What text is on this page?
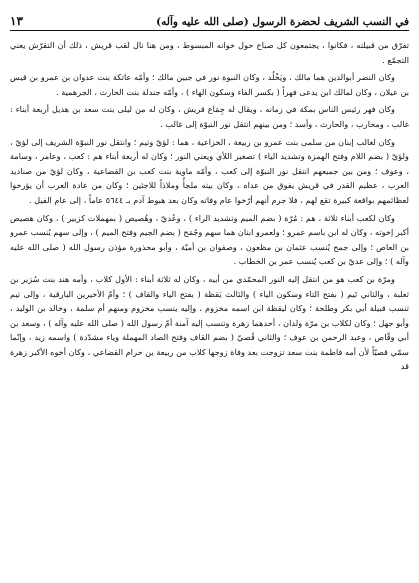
في النسب الشريف لحضرة الرسول (صلى الله عليه وآله)
١٣

تفرّق من قبيلته ، فكانوا ، يجتمعون كل صباح حول خوانه المبسوط ، ومن هنا نال لقب قريش ، ذلك أن التقرّش يعني التجمّع .

وكان النضر أبوالدين هما مالك ، ويَخْلُد ، وكان النبوة نور في جبين مالك ؛ وأمّه عاتكة بنت عدوان بن عمرو بن قيس بن عيلان ، وكان لمالك ابن يدعى فهراً ( بكسر الفاء وسكون الهاء ) ، وأمّه جندلة بنت الحارث ، الجرهمية .

وكان فهر رئيس الناس بمكة في زمانه ، ويقال له جِمَاع قريش ، وكان له من ليلى بنت سعد بن هذيل أربعة أبناء : غالب ، ومحارب ، والحارث ، وأسد ؛ ومن بينهم انتقل نور النبوّة إلى غالب .

وكان لغالب إبنان من سلمى بنت عمرو بن ربيعة ، الخزاعية ، هما : لؤيّ وتيم ؛ وانتقل نور النبوّة الشريف إلى لؤيّ ، ولؤيّ ( بضم اللام وفتح الهمزة وتشديد الياء ) تصغير اللأي ويعني النور ؛ وكان له أربعة أبناء هم : كعب ، وعامر ، وسامة ، وعوف ؛ ومن بين جميعهم انتقل نور النبوّة إلى كعب ، وأمّه ماوية بنت كعب بن القضاعية ، وكان لؤيّ من صناديد العرب ، عظيم القدر في قريش يفوق من عداه ، وكان بيته ملجأً وملاذاً للاجئين ؛ وكان من عادة العرب أن يؤرخوا لعظائمهم بواقعة كبيرة تقع لهم ، فلا جرم أنهم أرّخوا عام وفاته وكان بعد هبوط آدم بـ ٥٦٤٤ عاماً ، إلى عام الفيل .

وكان لكعب أبناء ثلاثة ، هم : مُرّة ( بضم الميم وتشديد الراء ) ، وعُديّ ، وهُصيص ( بمهملات كزبير ) ، وكان هصيص أكبر إخوته ، وكان له ابن باسم عمرو ؛ ولعمرو ابنان هما سهم وجُمَح ( بضم الجيم وفتح الميم ) ، وإلى سهم يُنسب عمرو بن العاص ؛ وإلى جمح يُنسب عثمان بن مظعون ، وصفوان بن أميّة ، وأبو محذورة مؤذن رسول الله ( صلى الله عليه وآله ) ؛ وإلى عديّ بن كعب يُنسب عمر بن الخطاب .

ومرّة بن كعب هو من انتقل إليه النور المحمّدي من أبيه ، وكان له ثلاثة أبناء : الأول كلاب ، وأمه هند بنت سُرَير بن ثعلبة ، والثاني تَيم ( بفتح التاء وسكون الياء ) والثالث يَقظة ( بفتح الياء والقاف ) ؛ وأمّ الأخيرين البارقية ، وإلى تيم تنسب قبيلة أبي بكر وطلحة ؛ وكان ليقظة ابن اسمه مخزوم ، وإليه ينسب مخزوم ومنهم أم سلمة ، وخالد بن الوليد ، وأبو جهل ؛ وكان لكلاب بن مرّة ولدان ، أحدهما زهرة وتنسب إليه آمنة أمّ رسول الله ( صلى الله عليه وآله ) ، وسعد بن أبي وقّاص ، وعبد الرحمن بن عوف ؛ والثاني قُصيّ ( بضم القاف وفتح الصاد المهملة وياء مشدّدة ) واسمه زيد ، وإنّما سمّي قصيّاً لأن أمه فاطمة بنت سعد تزوجت بعد وفاة زوجها كلاب من ربيعة بن حرام القضاعي ، وكان أخوه الأكبر زهرة قد
